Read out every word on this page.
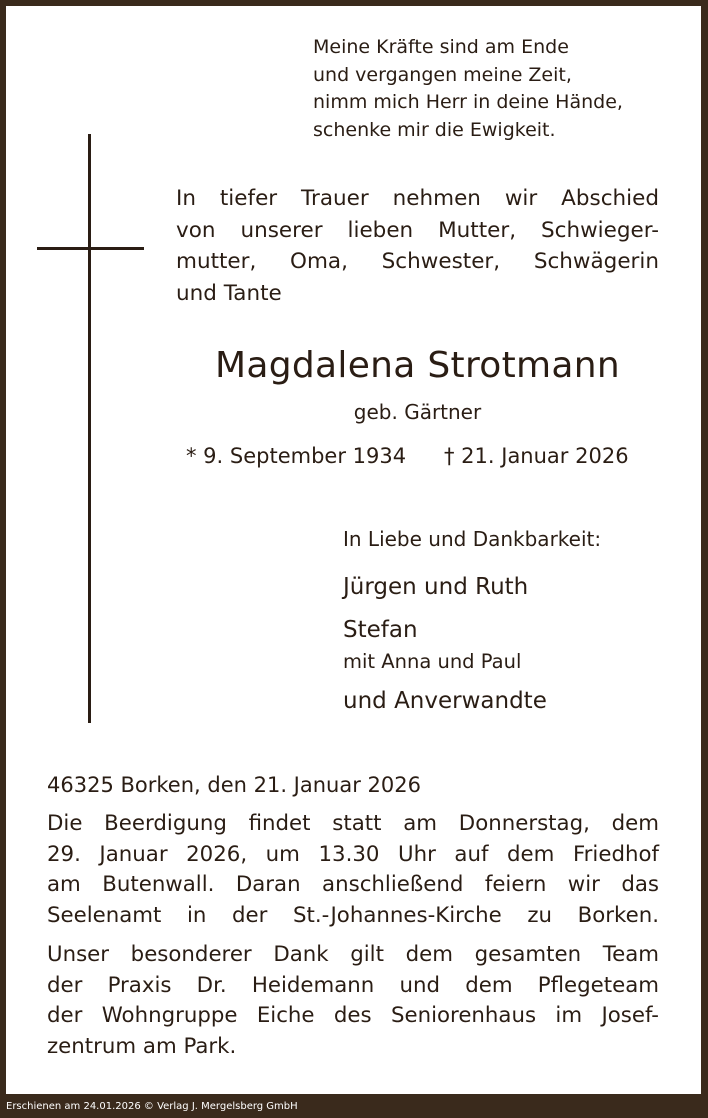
Meine Kräfte sind am Ende
und vergangen meine Zeit,
nimm mich Herr in deine Hände,
schenke mir die Ewigkeit.

In tiefer Trauer nehmen wir Abschied
von unserer lieben Mutter, Schwieger-
mutter, Oma, Schwester, Schwägerin
und Tante

Magdalena Strotmann
geb. Gärtner
* 9. September 1934 † 21. Januar 2026
In Liebe und Dankbarkeit:
Jürgen und Ruth
Stefan
mit Anna und Paul
und Anverwandte
46325 Borken, den 21. Januar 2026

Die Beerdigung findet statt am Donnerstag, dem
29. Januar 2026, um 13.30 Uhr auf dem Friedhof
am Butenwall. Daran anschließend feiern wir das
Seelenamt in der St.-Johannes-Kirche zu Borken.

Unser besonderer Dank gilt dem gesamten Team
der Praxis Dr. Heidemann und dem Pflegeteam
der Wohngruppe Eiche des Seniorenhaus im Josef-
zentrum am Park.

Erschienen am 24.01.2026 © Verlag J. Mergelsberg GmbH
